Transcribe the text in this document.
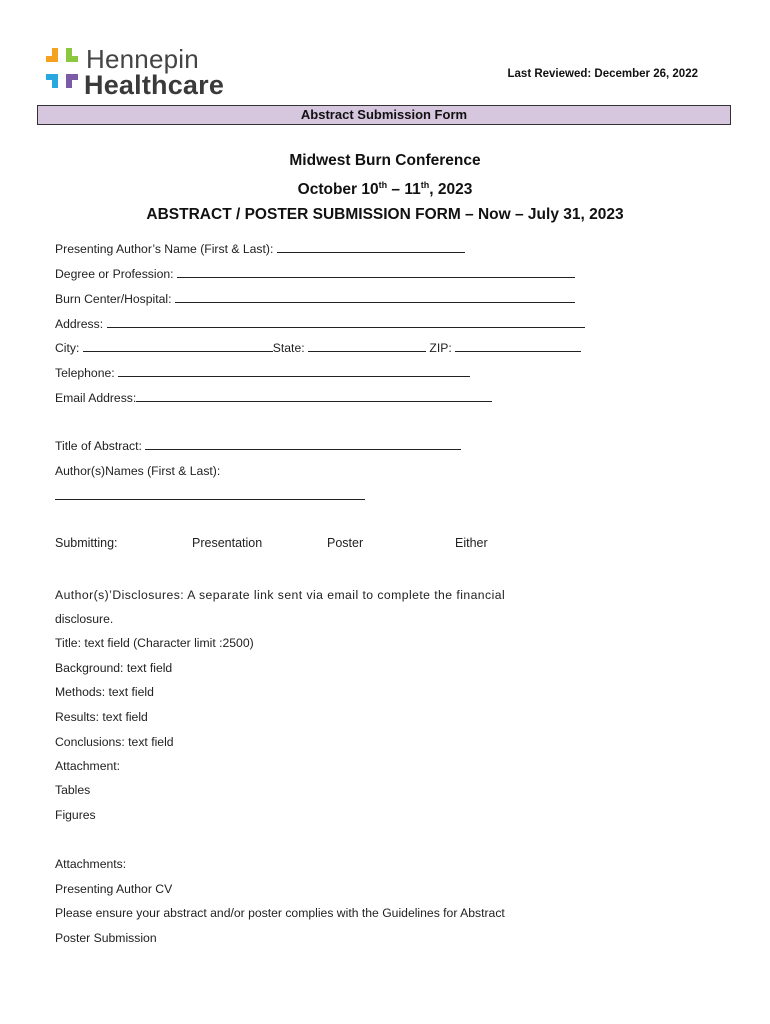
Hennepin
Healthcare	Last Reviewed: December 26, 2022
Abstract Submission Form
Midwest Burn Conference
October 10th – 11th, 2023
ABSTRACT / POSTER SUBMISSION FORM – Now – July 31, 2023
Presenting Author’s Name (First & Last):
Degree or Profession:
Burn Center/Hospital:
Address:
City:	State:	ZIP:
Telephone:
Email Address:
Title of Abstract:
Author(s)Names (First & Last):
Submitting:	Presentation	Poster	Either
Author(s)’Disclosures: A separate link sent via email to complete the financial
disclosure.
Title: text field (Character limit :2500)
Background: text field
Methods: text field
Results: text field
Conclusions: text field
Attachment:
Tables
Figures
Attachments:
Presenting Author CV
Please ensure your abstract and/or poster complies with the Guidelines for Abstract
Poster Submission
